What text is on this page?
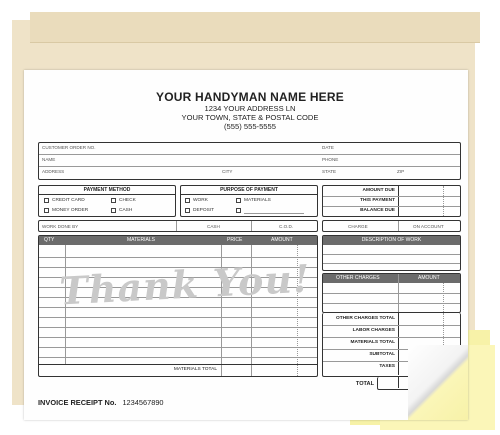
YOUR HANDYMAN NAME HERE
1234 YOUR ADDRESS LN
YOUR TOWN, STATE & POSTAL CODE
(555) 555-5555
CUSTOMER ORDER NO.	DATE
NAME	PHONE
ADDRESS	CITY	STATE	ZIP
PAYMENT METHOD
CREDIT CARD	CHECK
MONEY ORDER	CASH
PURPOSE OF PAYMENT
WORK	MATERIALS
DEPOSIT
AMOUNT DUE
THIS PAYMENT
BALANCE DUE
WORK DONE BY	CASH	C.O.D.	CHARGE	ON ACCOUNT
QTY	MATERIALS	PRICE	AMOUNT
MATERIALS TOTAL
Thank You!
DESCRIPTION OF WORK
OTHER CHARGES	AMOUNT
OTHER CHARGES TOTAL
LABOR CHARGES
MATERIALS TOTAL
SUBTOTAL
TAXES
TOTAL
INVOICE RECEIPT No. 1234567890
